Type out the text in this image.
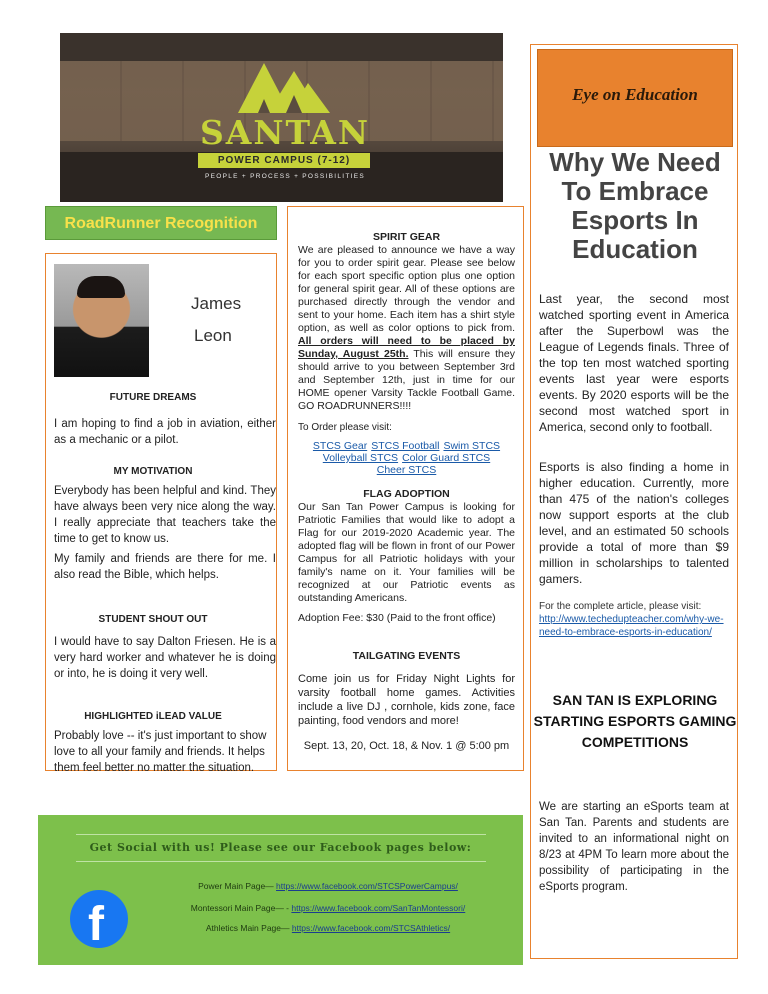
SANTAN
POWER CAMPUS (7-12)
PEOPLE + PROCESS + POSSIBILITIES
RoadRunner Recognition
James
Leon
FUTURE DREAMS
I am hoping to find a job in aviation, either as a mechanic or a pilot.
MY MOTIVATION
Everybody has been helpful and kind. They have always been very nice along the way. I really appreciate that teachers take the time to get to know us.
My family and friends are there for me. I also read the Bible, which helps.
STUDENT SHOUT OUT
I would have to say Dalton Friesen. He is a very hard worker and whatever he is doing or into, he is doing it very well.
HIGHLIGHTED iLEAD VALUE
Probably love -- it's just important to show love to all your family and friends. It helps them feel better no matter the situation.
SPIRIT GEAR
We are pleased to announce we have a way for you to order spirit gear. Please see below for each sport specific option plus one option for general spirit gear. All of these options are purchased directly through the vendor and sent to your home. Each item has a shirt style option, as well as color options to pick from. All orders will need to be placed by Sunday, August 25th. This will ensure they should arrive to you between September 3rd and September 12th, just in time for our HOME opener Varsity Tackle Football Game. GO ROADRUNNERS!!!!
To Order please visit:
STCS Gear STCS Football Swim STCS
Volleyball STCS Color Guard STCS
Cheer STCS
FLAG ADOPTION
Our San Tan Power Campus is looking for Patriotic Families that would like to adopt a Flag for our 2019-2020 Academic year. The adopted flag will be flown in front of our Power Campus for all Patriotic holidays with your family's name on it. Your families will be recognized at our Patriotic events as outstanding Americans.
Adoption Fee: $30 (Paid to the front office)
TAILGATING EVENTS
Come join us for Friday Night Lights for varsity football home games. Activities include a live DJ , cornhole, kids zone, face painting, food vendors and more!
Sept. 13, 20, Oct. 18, & Nov. 1 @ 5:00 pm
Get Social with us! Please see our Facebook pages below:
f
Power Main Page— https://www.facebook.com/STCSPowerCampus/
Montessori Main Page— - https://www.facebook.com/SanTanMontessori/
Athletics Main Page— https://www.facebook.com/STCSAthletics/
Eye on Education
Why We Need To Embrace Esports In Education
Last year, the second most watched sporting event in America after the Superbowl was the League of Legends finals. Three of the top ten most watched sporting events last year were esports events. By 2020 esports will be the second most watched sport in America, second only to football.
Esports is also finding a home in higher education. Currently, more than 475 of the nation's colleges now support esports at the club level, and an estimated 50 schools provide a total of more than $9 million in scholarships to talented gamers.
For the complete article, please visit:
http://www.techedupteacher.com/why-we-need-to-embrace-esports-in-education/
SAN TAN IS EXPLORING STARTING ESPORTS GAMING COMPETITIONS
We are starting an eSports team at San Tan. Parents and students are invited to an informational night on 8/23 at 4PM To learn more about the possibility of participating in the eSports program.
